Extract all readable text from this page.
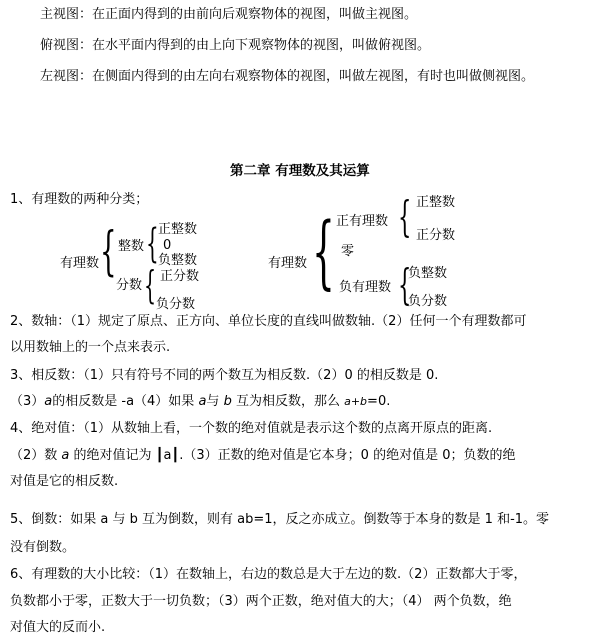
主视图：在正面内得到的由前向后观察物体的视图，叫做主视图。
俯视图：在水平面内得到的由上向下观察物体的视图，叫做俯视图。
左视图：在侧面内得到的由左向右观察物体的视图，叫做左视图，有时也叫做侧视图。
第二章 有理数及其运算
1、有理数的两种分类；
有理数 { 整数 { 正整数
0
负整数
分数 { 正分数
负分数
有理数 { 正有理数 { 正整数
正分数
零
负有理数 {
负整数
负分数
2、数轴：（1）规定了原点、正方向、单位长度的直线叫做数轴.（2）任何一个有理数都可
以用数轴上的一个点来表示.
3、相反数：（1）只有符号不同的两个数互为相反数.（2）0 的相反数是 0.
（3）a的相反数是 -a（4）如果 a与 b 互为相反数，那么 a+b=0.
4、绝对值：（1）从数轴上看，一个数的绝对值就是表示这个数的点离开原点的距离.
（2）数 a 的绝对值记为 ┃a┃.（3）正数的绝对值是它本身；0 的绝对值是 0；负数的绝
对值是它的相反数.
5、倒数：如果 a 与 b 互为倒数，则有 ab=1，反之亦成立。倒数等于本身的数是 1 和-1。零
没有倒数。
6、有理数的大小比较：（1）在数轴上，右边的数总是大于左边的数.（2）正数都大于零，
负数都小于零，正数大于一切负数；（3）两个正数，绝对值大的大；（4） 两个负数，绝
对值大的反而小.
